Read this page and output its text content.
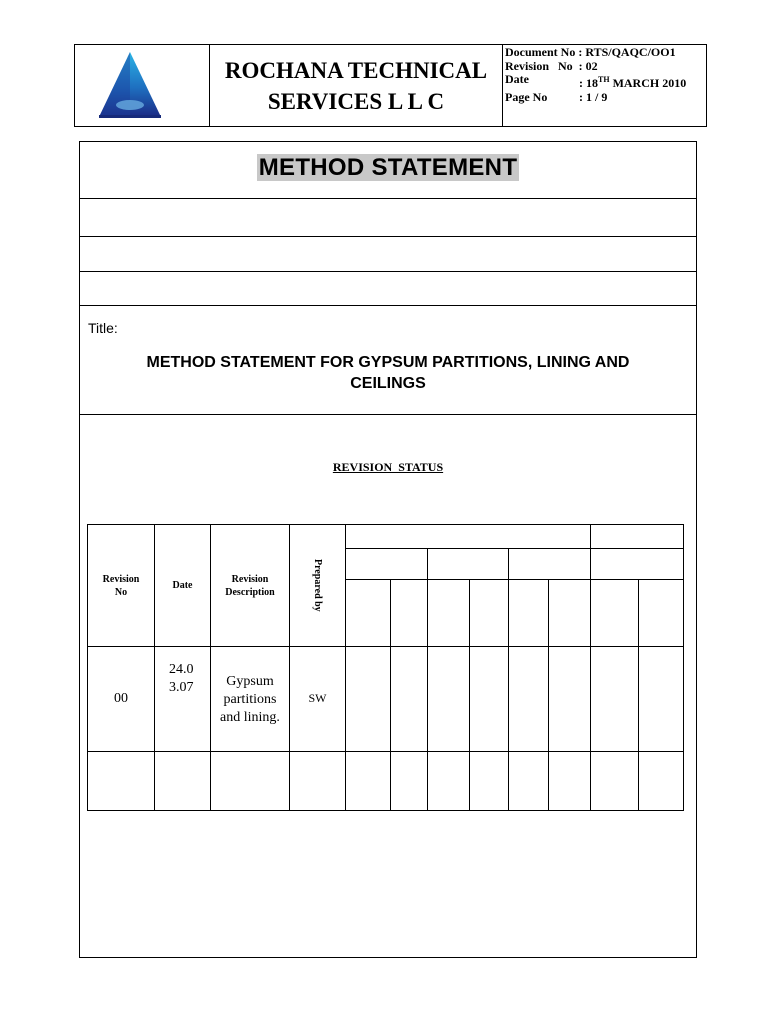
ROCHANA TECHNICAL
SERVICES L L C
Document No :
RTS/QAQC/OO1
Revision   No  :
02
Date	: 18TH MARCH 2010
Page No	: 1 / 9
METHOD STATEMENT
Title:
METHOD STATEMENT FOR GYPSUM PARTITIONS, LINING AND CEILINGS
REVISION  STATUS
Revision No	Date	Revision Description	Prepared by								

00	24.0 3.07	Gypsum partitions and lining.	SW								
